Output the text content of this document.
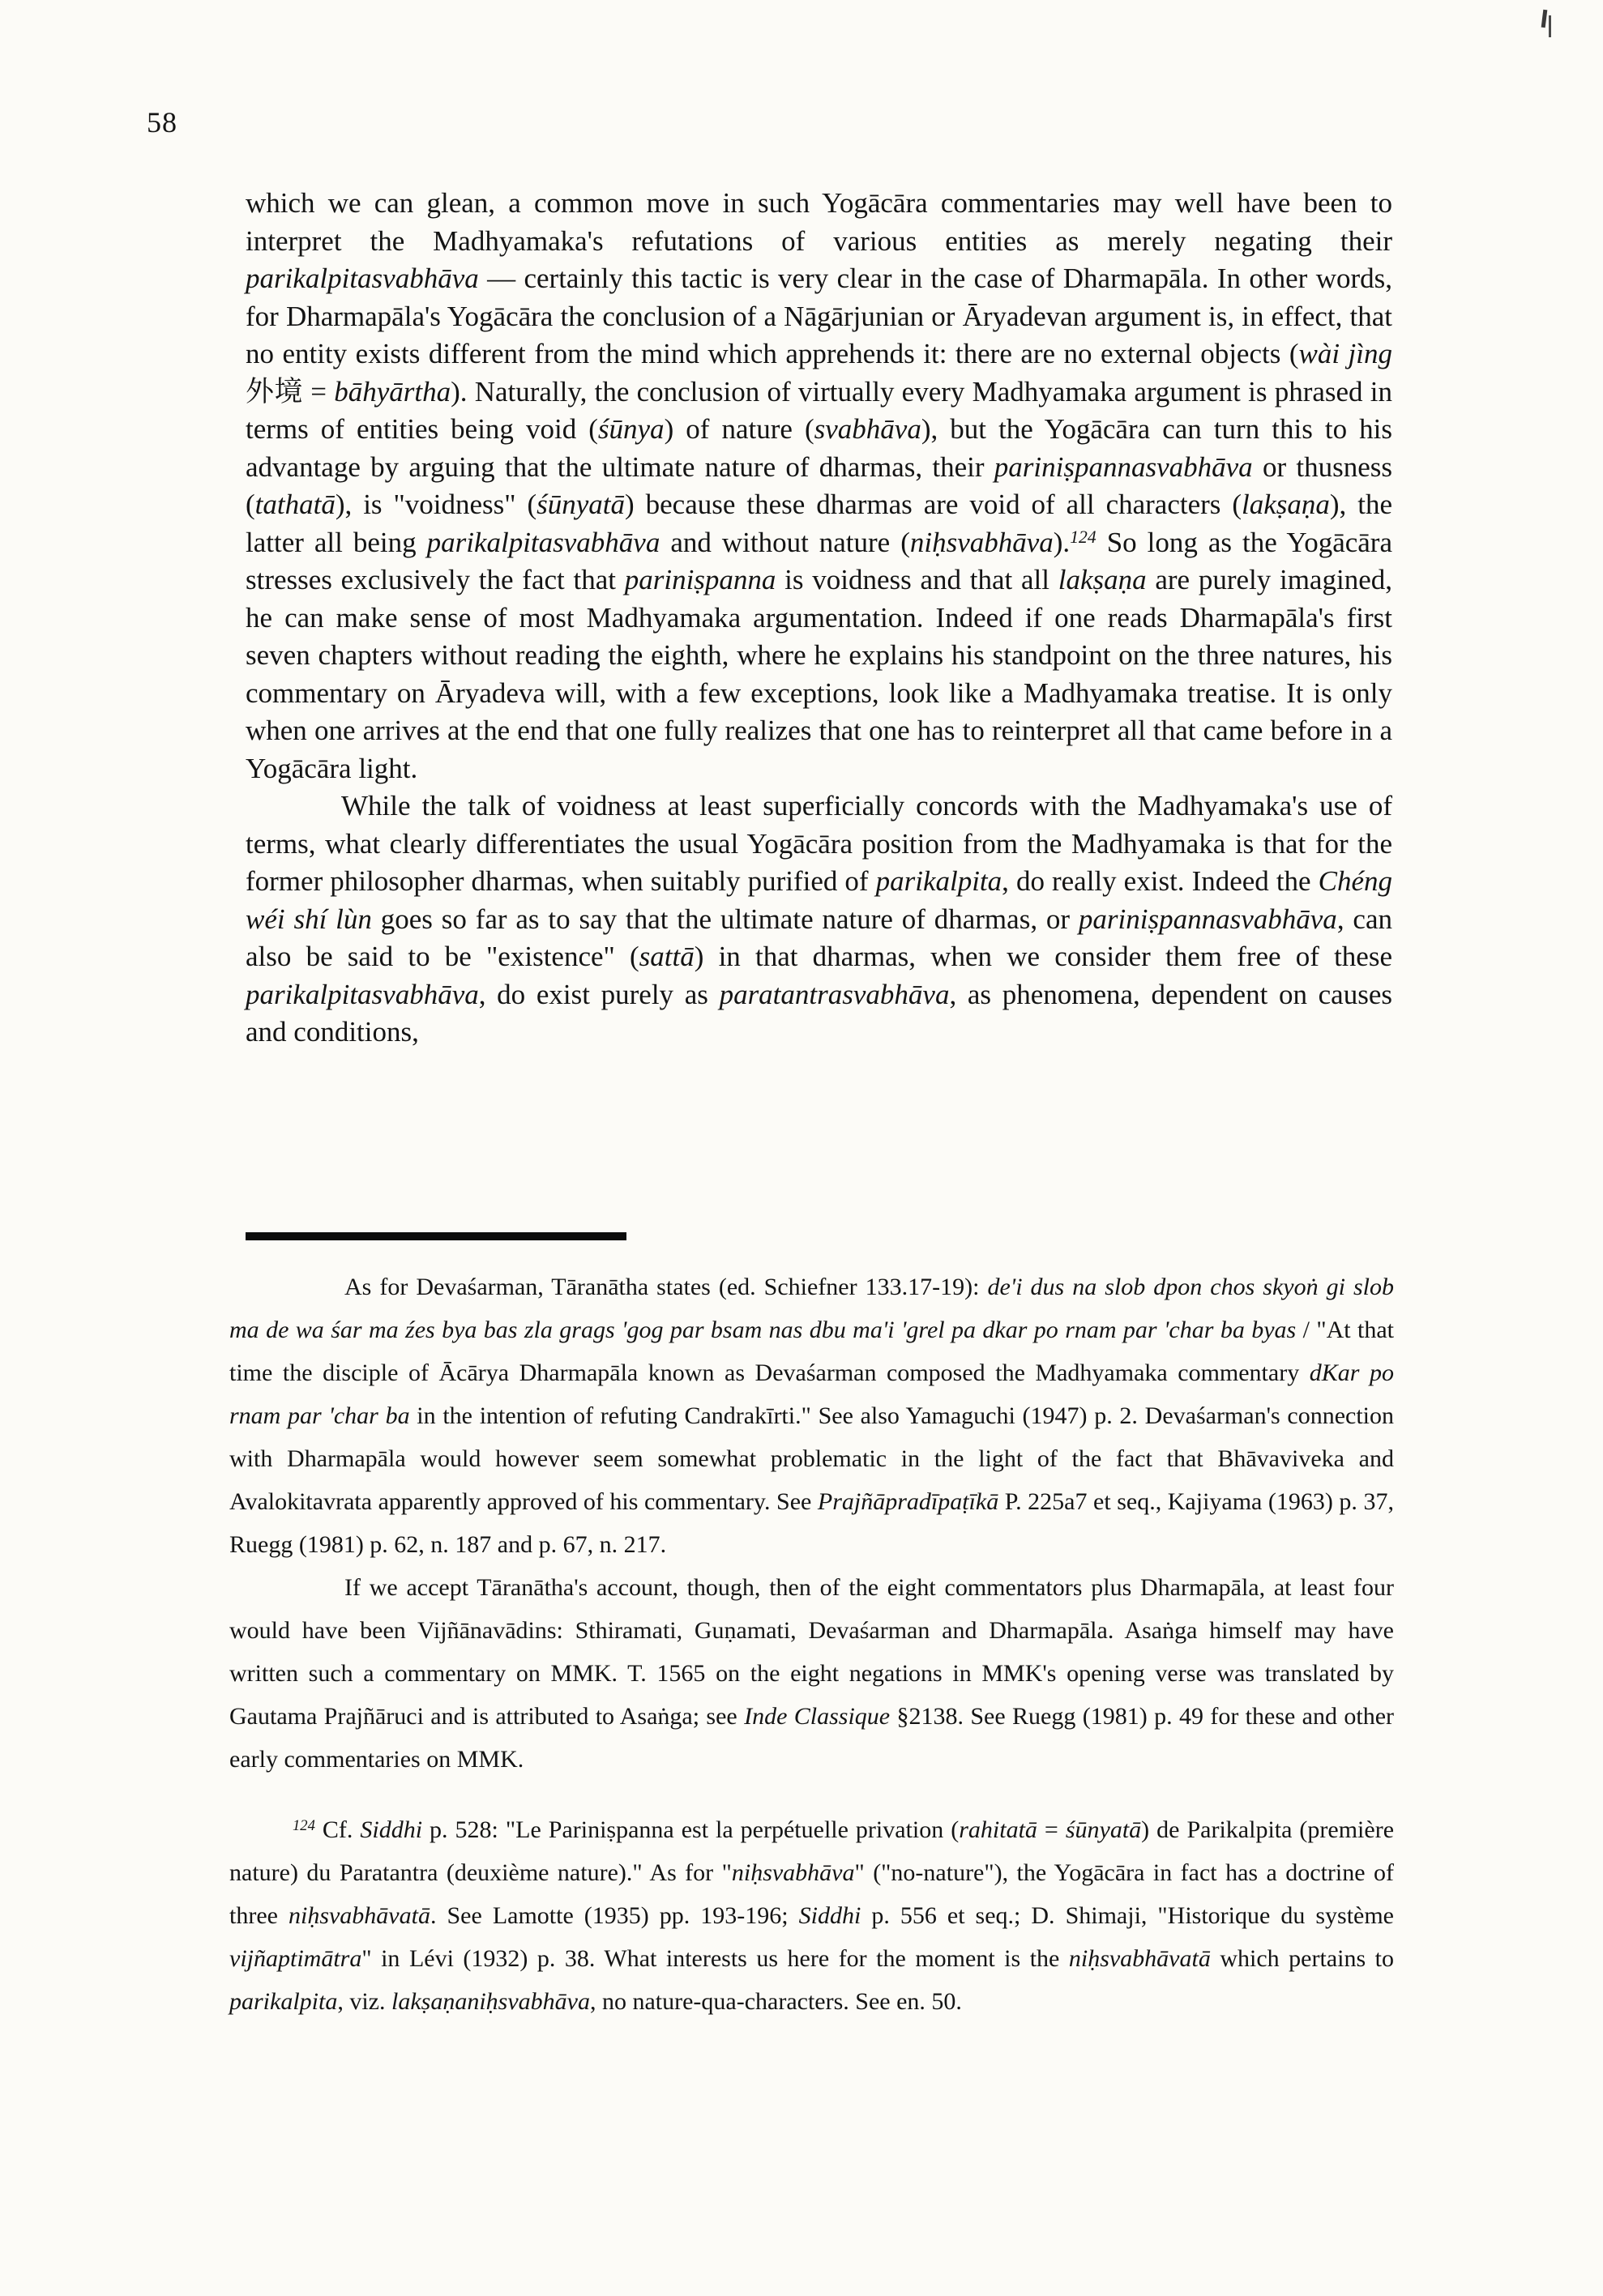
58

which we can glean, a common move in such Yogācāra commentaries may well have been to interpret the Madhyamaka's refutations of various entities as merely negating their parikalpitasvabhāva — certainly this tactic is very clear in the case of Dharmapāla. In other words, for Dharmapāla's Yogācāra the conclusion of a Nāgārjunian or Āryadevan argument is, in effect, that no entity exists different from the mind which apprehends it: there are no external objects (wài jìng 外境 = bāhyārtha). Naturally, the conclusion of virtually every Madhyamaka argument is phrased in terms of entities being void (śūnya) of nature (svabhāva), but the Yogācāra can turn this to his advantage by arguing that the ultimate nature of dharmas, their pariniṣpannasvabhāva or thusness (tathatā), is "voidness" (śūnyatā) because these dharmas are void of all characters (lakṣaṇa), the latter all being parikalpitasvabhāva and without nature (niḥsvabhāva).$^{124}$ So long as the Yogācāra stresses exclusively the fact that pariniṣpanna is voidness and that all lakṣaṇa are purely imagined, he can make sense of most Madhyamaka argumentation. Indeed if one reads Dharmapāla's first seven chapters without reading the eighth, where he explains his standpoint on the three natures, his commentary on Āryadeva will, with a few exceptions, look like a Madhyamaka treatise. It is only when one arrives at the end that one fully realizes that one has to reinterpret all that came before in a Yogācāra light.

While the talk of voidness at least superficially concords with the Madhyamaka's use of terms, what clearly differentiates the usual Yogācāra position from the Madhyamaka is that for the former philosopher dharmas, when suitably purified of parikalpita, do really exist. Indeed the Chéng wéi shí lùn goes so far as to say that the ultimate nature of dharmas, or pariniṣpannasvabhāva, can also be said to be "existence" (sattā) in that dharmas, when we consider them free of these parikalpitasvabhāva, do exist purely as paratantrasvabhāva, as phenomena, dependent on causes and conditions,

As for Devaśarman, Tāranātha states (ed. Schiefner 133.17-19): de'i dus na slob dpon chos skyoṅ gi slob ma de wa śar ma źes bya bas zla grags 'gog par bsam nas dbu ma'i 'grel pa dkar po rnam par 'char ba byas / "At that time the disciple of Ācārya Dharmapāla known as Devaśarman composed the Madhyamaka commentary dKar po rnam par 'char ba in the intention of refuting Candrakīrti." See also Yamaguchi (1947) p. 2. Devaśarman's connection with Dharmapāla would however seem somewhat problematic in the light of the fact that Bhāvaviveka and Avalokitavrata apparently approved of his commentary. See Prajñāpradīpaṭīkā P. 225a7 et seq., Kajiyama (1963) p. 37, Ruegg (1981) p. 62, n. 187 and p. 67, n. 217.

If we accept Tāranātha's account, though, then of the eight commentators plus Dharmapāla, at least four would have been Vijñānavādins: Sthiramati, Guṇamati, Devaśarman and Dharmapāla. Asaṅga himself may have written such a commentary on MMK. T. 1565 on the eight negations in MMK's opening verse was translated by Gautama Prajñāruci and is attributed to Asaṅga; see Inde Classique §2138. See Ruegg (1981) p. 49 for these and other early commentaries on MMK.

$^{124}$ Cf. Siddhi p. 528: "Le Pariniṣpanna est la perpétuelle privation (rahitatā = śūnyatā) de Parikalpita (première nature) du Paratantra (deuxième nature)." As for "niḥsvabhāva" ("no-nature"), the Yogācāra in fact has a doctrine of three niḥsvabhāvatā. See Lamotte (1935) pp. 193-196; Siddhi p. 556 et seq.; D. Shimaji, "Historique du système vijñaptimātra" in Lévi (1932) p. 38. What interests us here for the moment is the niḥsvabhāvatā which pertains to parikalpita, viz. lakṣaṇaniḥsvabhāva, no nature-qua-characters. See en. 50.
